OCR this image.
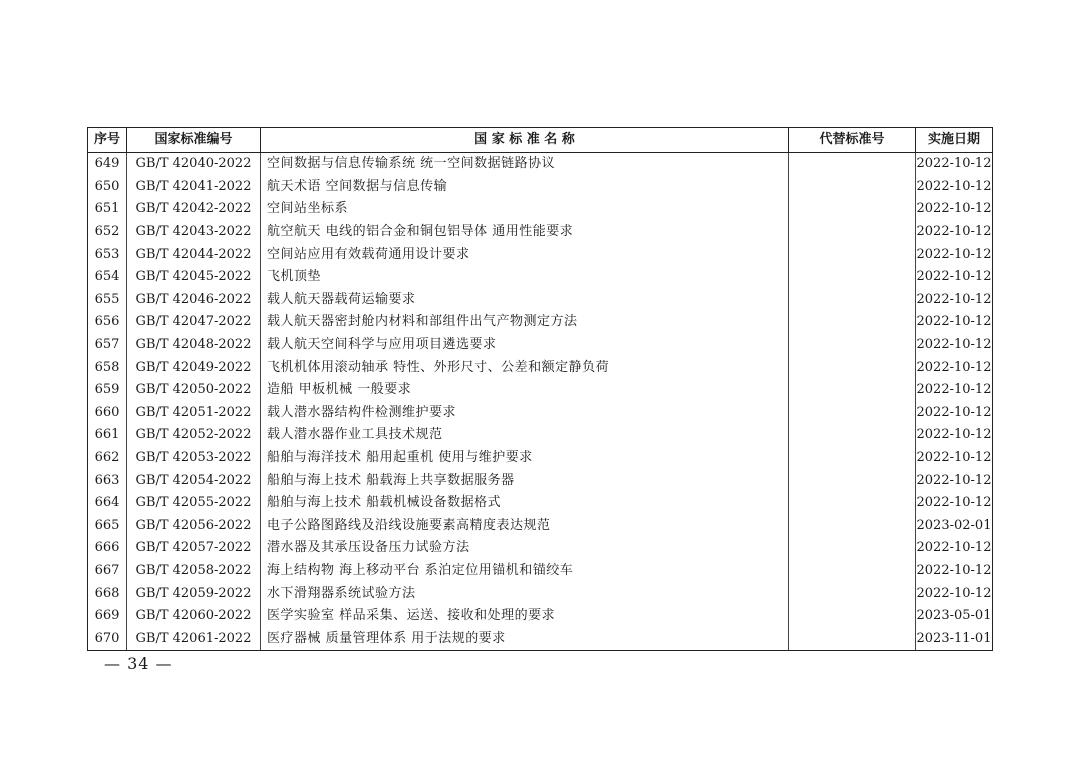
序号	国家标准编号	国 家 标 准 名 称	代替标准号	实施日期
649	GB/T 42040-2022	空间数据与信息传输系统 统一空间数据链路协议		2022-10-12
650	GB/T 42041-2022	航天术语 空间数据与信息传输		2022-10-12
651	GB/T 42042-2022	空间站坐标系		2022-10-12
652	GB/T 42043-2022	航空航天 电线的铝合金和铜包铝导体 通用性能要求		2022-10-12
653	GB/T 42044-2022	空间站应用有效载荷通用设计要求		2022-10-12
654	GB/T 42045-2022	飞机顶垫		2022-10-12
655	GB/T 42046-2022	载人航天器载荷运输要求		2022-10-12
656	GB/T 42047-2022	载人航天器密封舱内材料和部组件出气产物测定方法		2022-10-12
657	GB/T 42048-2022	载人航天空间科学与应用项目遴选要求		2022-10-12
658	GB/T 42049-2022	飞机机体用滚动轴承 特性、外形尺寸、公差和额定静负荷		2022-10-12
659	GB/T 42050-2022	造船 甲板机械 一般要求		2022-10-12
660	GB/T 42051-2022	载人潜水器结构件检测维护要求		2022-10-12
661	GB/T 42052-2022	载人潜水器作业工具技术规范		2022-10-12
662	GB/T 42053-2022	船舶与海洋技术 船用起重机 使用与维护要求		2022-10-12
663	GB/T 42054-2022	船舶与海上技术 船载海上共享数据服务器		2022-10-12
664	GB/T 42055-2022	船舶与海上技术 船载机械设备数据格式		2022-10-12
665	GB/T 42056-2022	电子公路图路线及沿线设施要素高精度表达规范		2023-02-01
666	GB/T 42057-2022	潜水器及其承压设备压力试验方法		2022-10-12
667	GB/T 42058-2022	海上结构物 海上移动平台 系泊定位用锚机和锚绞车		2022-10-12
668	GB/T 42059-2022	水下滑翔器系统试验方法		2022-10-12
669	GB/T 42060-2022	医学实验室 样品采集、运送、接收和处理的要求		2023-05-01
670	GB/T 42061-2022	医疗器械 质量管理体系 用于法规的要求		2023-11-01
— 34 —
